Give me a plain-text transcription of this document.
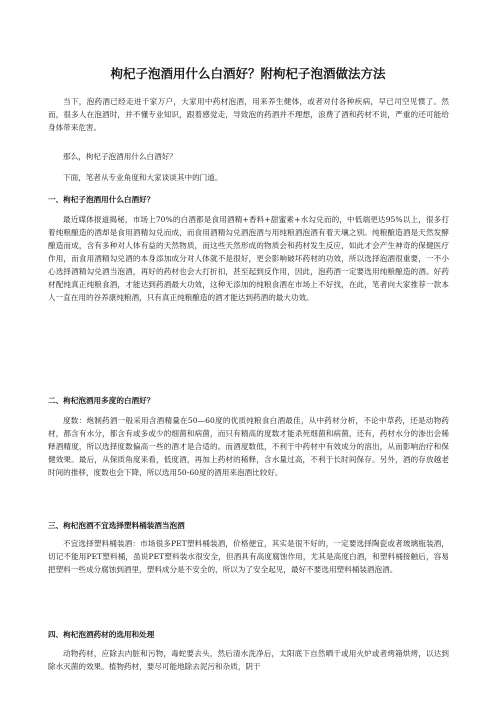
枸杞子泡酒用什么白酒好？附枸杞子泡酒做法方法

当下，泡药酒已经走进千家万户，大家用中药材泡酒，用来养生健体，或者对付各种疾病，早已司空见惯了。然而，很多人在泡酒时，并不懂专业知识，跟着感觉走，导致泡的药酒并不理想，浪费了酒和药材不说，严重的还可能给身体带来危害。

那么，枸杞子泡酒用什么白酒好？

下面，笔者从专业角度和大家谈谈其中的门道。

一、枸杞子泡酒用什么白酒好？

最近媒体报道揭秘，市场上70%的白酒都是食用酒精+香料+甜蜜素+水勾兑而的，中低端更达95%以上，很多打着纯粮酿造的酒却是食用酒精勾兑而成，而食用酒精勾兑酒泡酒与用纯粮酒泡酒有着天壤之别。纯粮酿造酒是天然发酵酿造而成，含有多种对人体有益的天然物质，而这些天然形成的物质会和药材发生反应，如此才会产生神奇的保健医疗作用，而食用酒精勾兑酒的本身添加成分对人体就不是很好，更会影响破坏药材的功效，所以选择泡酒很重要，一不小心选择酒精勾兑酒当泡酒，再好的药材也会大打折扣，甚至起到反作用，因此，泡药酒一定要选用纯粮酿造的酒。好药材配纯真正纯粮食酒，才能达到药酒最大功效，这种无添加的纯粮食酒在市场上不好找，在此，笔者向大家推荐一款本人一直在用的谷养康纯粮酒，只有真正纯粮酿造的酒才能达到药酒的最大功效。

二、枸杞泡酒用多度的白酒好？

度数：炮制药酒一般采用含酒精量在50—60度的优质纯粮食白酒最佳，从中药材分析，不论中草药，还是动物药材，都含有水分，都含有或多或少的细菌和病菌，而只有精高的度数才能杀死细菌和病菌，还有，药材水分的渗出会稀释酒精度，所以选择度数偏高一些的酒才是合适的。而酒度数低，不利于中药材中有效成分的溶出，从而影响治疗和保健效果。最后，从保质角度来看，低度酒，再加上药材的稀释，含水量过高，不利于长时间保存。另外，酒的存放越老时间的推移，度数也会下降，所以选用50-60度的酒用来泡酒比较好。

三、枸杞泡酒不宜选择塑料桶装酒当泡酒

不宜选择塑料桶装酒：市场很多PET塑料桶装酒，价格便宜，其实是很不好的，一定要选择陶瓷或者玻璃瓶装酒，切记不能用PET塑料桶，虽说PET塑料装水很安全，但酒具有高度腐蚀作用，尤其是高度白酒，和塑料桶接触后，容易把塑料一些成分腐蚀到酒里，塑料成分是不安全的，所以为了安全起见，最好不要选用塑料桶装酒泡酒。

四、枸杞泡酒药材的选用和处理

动物药材，应除去内脏和污物，毒蛇要去头，然后清水洗净后，太阳底下自然晒干或用火炉或者烤箱烘烤，以达到除水灭菌的效果。植物药材，要尽可能地除去泥污和杂质，阴干
